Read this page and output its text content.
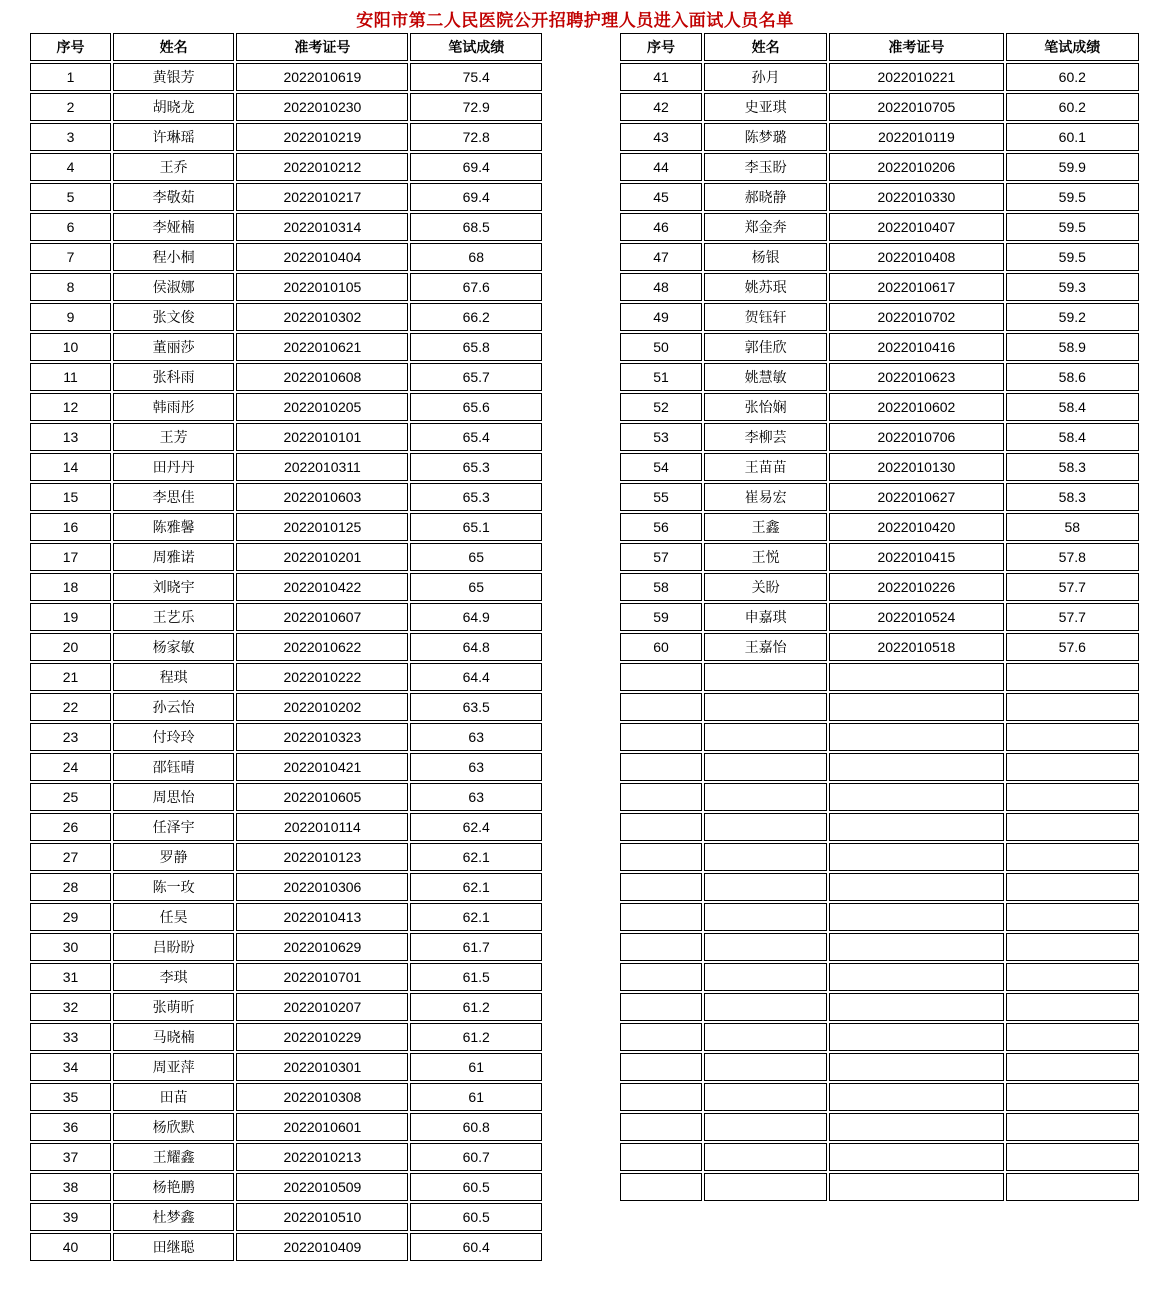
安阳市第二人民医院公开招聘护理人员进入面试人员名单
序号	姓名	准考证号	笔试成绩
1	黄银芳	2022010619	75.4
2	胡晓龙	2022010230	72.9
3	许琳瑶	2022010219	72.8
4	王乔	2022010212	69.4
5	李敬茹	2022010217	69.4
6	李娅楠	2022010314	68.5
7	程小桐	2022010404	68
8	侯淑娜	2022010105	67.6
9	张文俊	2022010302	66.2
10	董丽莎	2022010621	65.8
11	张科雨	2022010608	65.7
12	韩雨彤	2022010205	65.6
13	王芳	2022010101	65.4
14	田丹丹	2022010311	65.3
15	李思佳	2022010603	65.3
16	陈雅馨	2022010125	65.1
17	周雅诺	2022010201	65
18	刘晓宇	2022010422	65
19	王艺乐	2022010607	64.9
20	杨家敏	2022010622	64.8
21	程琪	2022010222	64.4
22	孙云怡	2022010202	63.5
23	付玲玲	2022010323	63
24	邵钰晴	2022010421	63
25	周思怡	2022010605	63
26	任泽宇	2022010114	62.4
27	罗静	2022010123	62.1
28	陈一玫	2022010306	62.1
29	任昊	2022010413	62.1
30	吕盼盼	2022010629	61.7
31	李琪	2022010701	61.5
32	张萌昕	2022010207	61.2
33	马晓楠	2022010229	61.2
34	周亚萍	2022010301	61
35	田苗	2022010308	61
36	杨欣默	2022010601	60.8
37	王耀鑫	2022010213	60.7
38	杨艳鹏	2022010509	60.5
39	杜梦鑫	2022010510	60.5
40	田继聪	2022010409	60.4
序号	姓名	准考证号	笔试成绩
41	孙月	2022010221	60.2
42	史亚琪	2022010705	60.2
43	陈梦璐	2022010119	60.1
44	李玉盼	2022010206	59.9
45	郝晓静	2022010330	59.5
46	郑金奔	2022010407	59.5
47	杨银	2022010408	59.5
48	姚苏珉	2022010617	59.3
49	贺钰轩	2022010702	59.2
50	郭佳欣	2022010416	58.9
51	姚慧敏	2022010623	58.6
52	张怡娴	2022010602	58.4
53	李柳芸	2022010706	58.4
54	王苗苗	2022010130	58.3
55	崔易宏	2022010627	58.3
56	王鑫	2022010420	58
57	王悦	2022010415	57.8
58	关盼	2022010226	57.7
59	申嘉琪	2022010524	57.7
60	王嘉怡	2022010518	57.6
